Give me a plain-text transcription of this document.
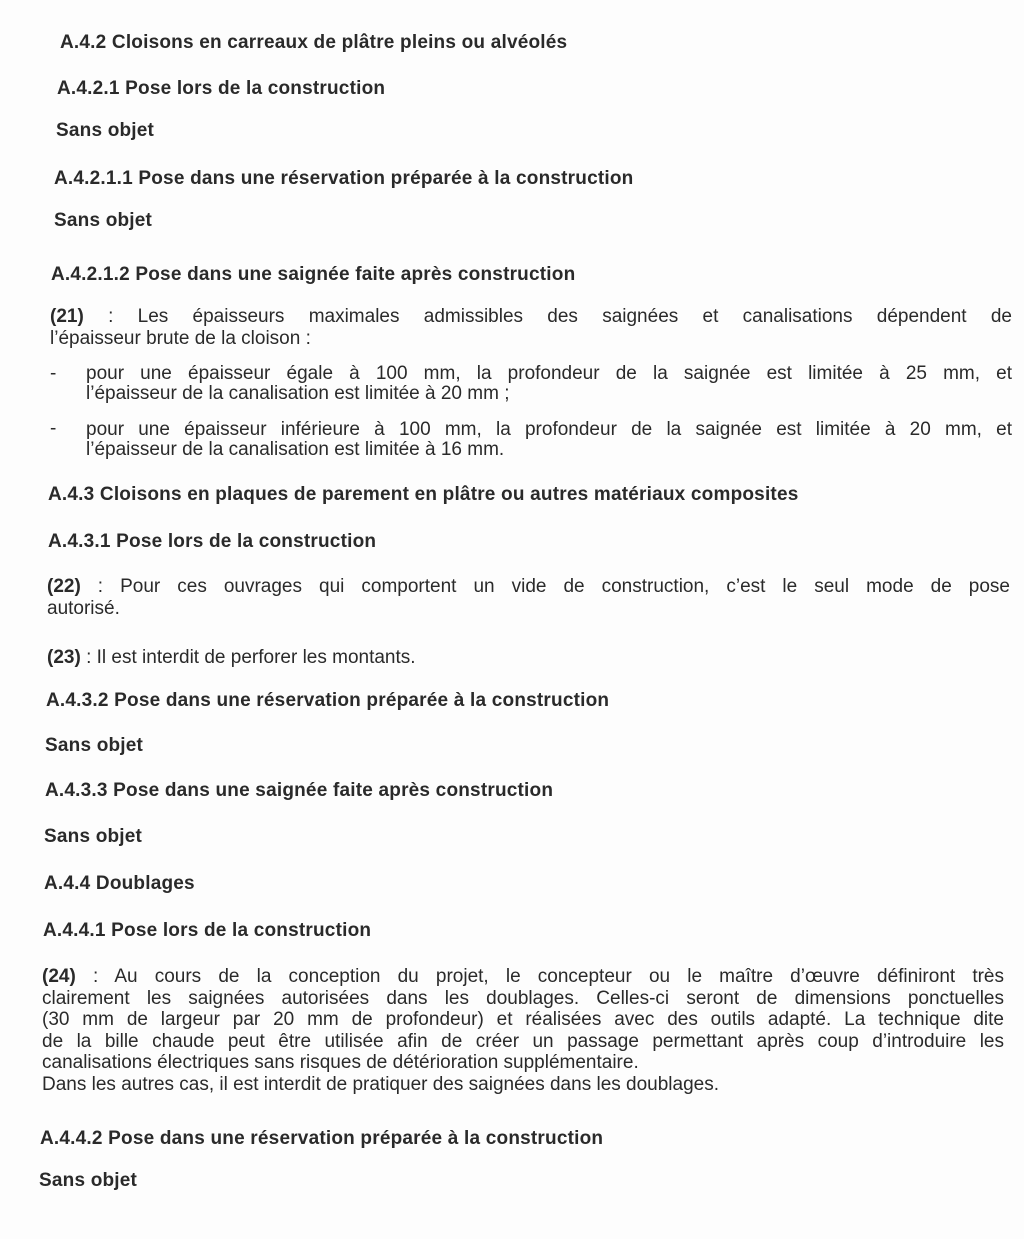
A.4.2 Cloisons en carreaux de plâtre pleins ou alvéolés
A.4.2.1 Pose lors de la construction
Sans objet
A.4.2.1.1 Pose dans une réservation préparée à la construction
Sans objet
A.4.2.1.2 Pose dans une saignée faite après construction
(21) : Les épaisseurs maximales admissibles des saignées et canalisations dépendent de
l’épaisseur brute de la cloison :
- pour une épaisseur égale à 100 mm, la profondeur de la saignée est limitée à 25 mm, et
l’épaisseur de la canalisation est limitée à 20 mm ;
- pour une épaisseur inférieure à 100 mm, la profondeur de la saignée est limitée à 20 mm, et
l’épaisseur de la canalisation est limitée à 16 mm.
A.4.3 Cloisons en plaques de parement en plâtre ou autres matériaux composites
A.4.3.1 Pose lors de la construction
(22) : Pour ces ouvrages qui comportent un vide de construction, c’est le seul mode de pose
autorisé.
(23) : Il est interdit de perforer les montants.
A.4.3.2 Pose dans une réservation préparée à la construction
Sans objet
A.4.3.3 Pose dans une saignée faite après construction
Sans objet
A.4.4 Doublages
A.4.4.1 Pose lors de la construction
(24) : Au cours de la conception du projet, le concepteur ou le maître d’œuvre définiront très
clairement les saignées autorisées dans les doublages. Celles-ci seront de dimensions ponctuelles
(30 mm de largeur par 20 mm de profondeur) et réalisées avec des outils adapté. La technique dite
de la bille chaude peut être utilisée afin de créer un passage permettant après coup d’introduire les
canalisations électriques sans risques de détérioration supplémentaire.
Dans les autres cas, il est interdit de pratiquer des saignées dans les doublages.
A.4.4.2 Pose dans une réservation préparée à la construction
Sans objet
